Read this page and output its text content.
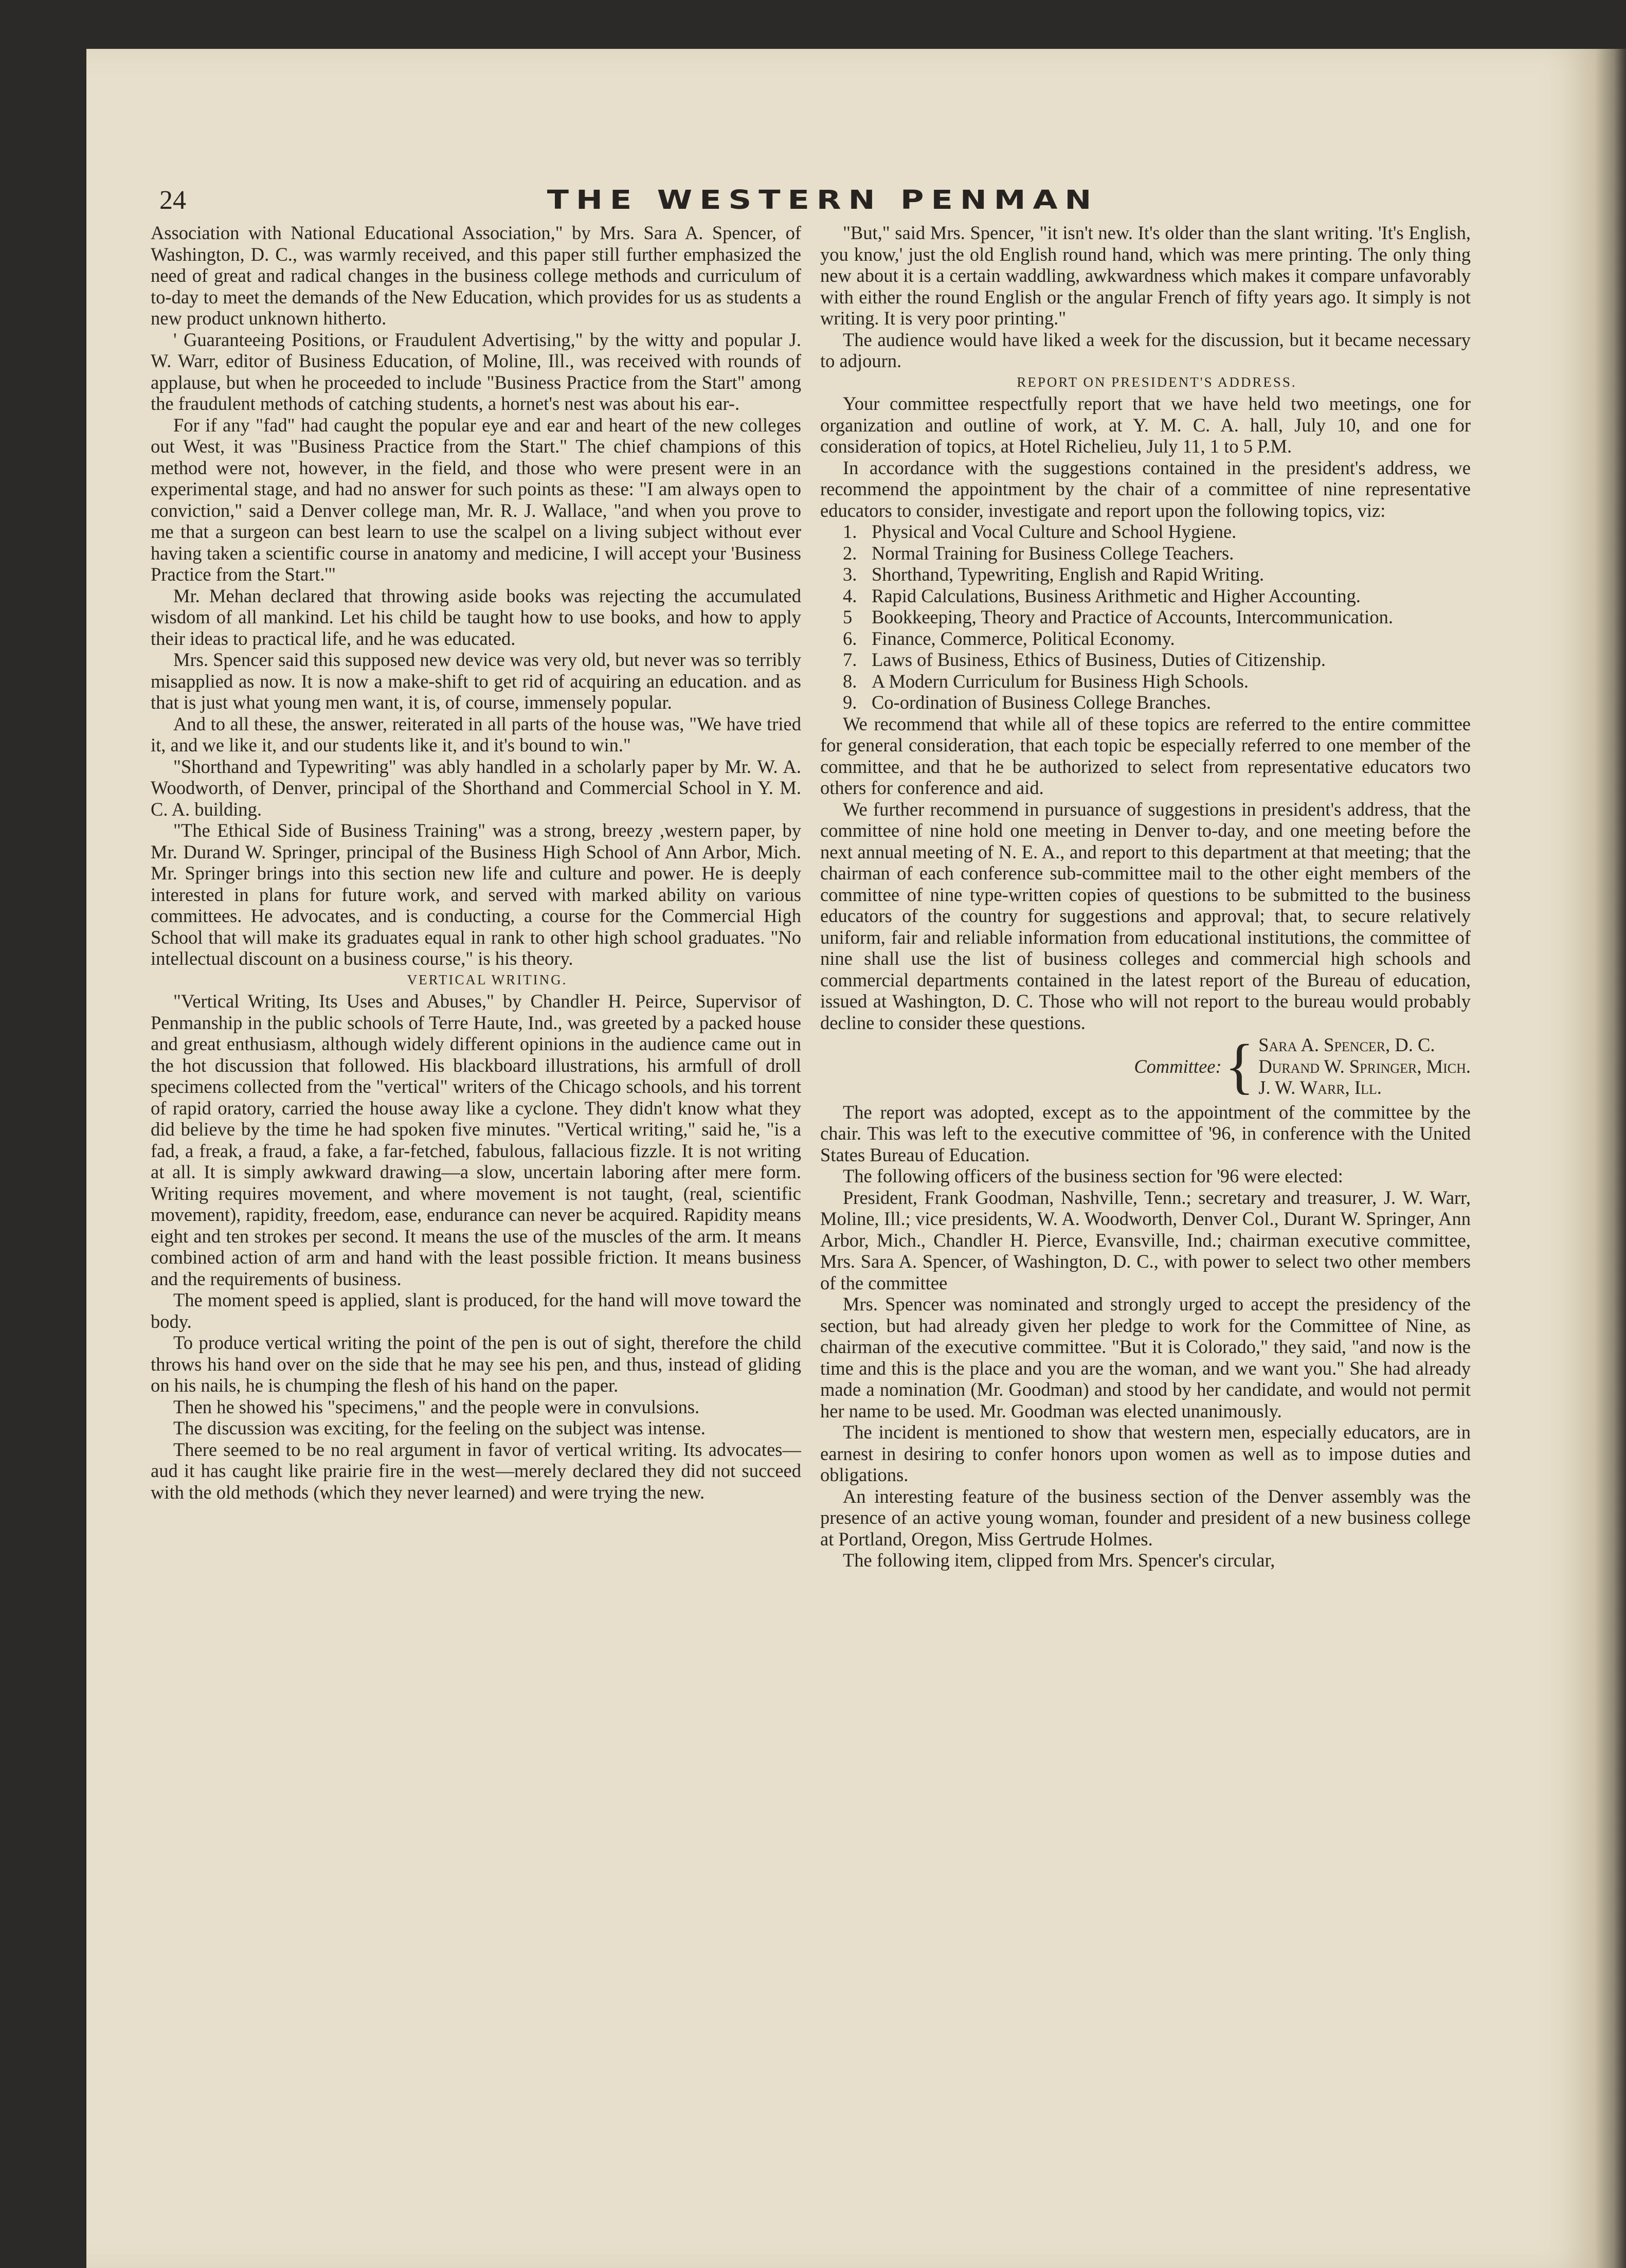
24	THE WESTERN PENMAN

Association with National Educational Association," by Mrs. Sara A. Spencer, of Washington, D. C., was warmly received, and this paper still further emphasized the need of great and radical changes in the business college methods and curriculum of to-day to meet the demands of the New Education, which provides for us as students a new product unknown hitherto.

' Guaranteeing Positions, or Fraudulent Advertising," by the witty and popular J. W. Warr, editor of Business Education, of Moline, Ill., was received with rounds of applause, but when he proceeded to include "Business Practice from the Start" among the fraudulent methods of catching students, a hornet's nest was about his ear-.

For if any "fad" had caught the popular eye and ear and heart of the new colleges out West, it was "Business Practice from the Start." The chief champions of this method were not, however, in the field, and those who were present were in an experimental stage, and had no answer for such points as these: "I am always open to conviction," said a Denver college man, Mr. R. J. Wallace, "and when you prove to me that a surgeon can best learn to use the scalpel on a living subject without ever having taken a scientific course in anatomy and medicine, I will accept your 'Business Practice from the Start.'"

Mr. Mehan declared that throwing aside books was rejecting the accumulated wisdom of all mankind. Let his child be taught how to use books, and how to apply their ideas to practical life, and he was educated.

Mrs. Spencer said this supposed new device was very old, but never was so terribly misapplied as now. It is now a make-shift to get rid of acquiring an education. and as that is just what young men want, it is, of course, immensely popular.

And to all these, the answer, reiterated in all parts of the house was, "We have tried it, and we like it, and our students like it, and it's bound to win."

"Shorthand and Typewriting" was ably handled in a scholarly paper by Mr. W. A. Woodworth, of Denver, principal of the Shorthand and Commercial School in Y. M. C. A. building.

"The Ethical Side of Business Training" was a strong, breezy ,western paper, by Mr. Durand W. Springer, principal of the Business High School of Ann Arbor, Mich. Mr. Springer brings into this section new life and culture and power. He is deeply interested in plans for future work, and served with marked ability on various committees. He advocates, and is conducting, a course for the Commercial High School that will make its graduates equal in rank to other high school graduates. "No intellectual discount on a business course," is his theory.

VERTICAL WRITING.

"Vertical Writing, Its Uses and Abuses," by Chandler H. Peirce, Supervisor of Penmanship in the public schools of Terre Haute, Ind., was greeted by a packed house and great enthusiasm, although widely different opinions in the audience came out in the hot discussion that followed. His blackboard illustrations, his armfull of droll specimens collected from the "vertical" writers of the Chicago schools, and his torrent of rapid oratory, carried the house away like a cyclone. They didn't know what they did believe by the time he had spoken five minutes. "Vertical writing," said he, "is a fad, a freak, a fraud, a fake, a far-fetched, fabulous, fallacious fizzle. It is not writing at all. It is simply awkward drawing—a slow, uncertain laboring after mere form. Writing requires movement, and where movement is not taught, (real, scientific movement), rapidity, freedom, ease, endurance can never be acquired. Rapidity means eight and ten strokes per second. It means the use of the muscles of the arm. It means combined action of arm and hand with the least possible friction. It means business and the requirements of business.

The moment speed is applied, slant is produced, for the hand will move toward the body.

To produce vertical writing the point of the pen is out of sight, therefore the child throws his hand over on the side that he may see his pen, and thus, instead of gliding on his nails, he is chumping the flesh of his hand on the paper.

Then he showed his "specimens," and the people were in convulsions.

The discussion was exciting, for the feeling on the subject was intense.

There seemed to be no real argument in favor of vertical writing. Its advocates—aud it has caught like prairie fire in the west—merely declared they did not succeed with the old methods (which they never learned) and were trying the new.

"But," said Mrs. Spencer, "it isn't new. It's older than the slant writing. 'It's English, you know,' just the old English round hand, which was mere printing. The only thing new about it is a certain waddling, awkwardness which makes it compare unfavorably with either the round English or the angular French of fifty years ago. It simply is not writing. It is very poor printing."

The audience would have liked a week for the discussion, but it became necessary to adjourn.

REPORT ON PRESIDENT'S ADDRESS.

Your committee respectfully report that we have held two meetings, one for organization and outline of work, at Y. M. C. A. hall, July 10, and one for consideration of topics, at Hotel Richelieu, July 11, 1 to 5 P.M.

In accordance with the suggestions contained in the president's address, we recommend the appointment by the chair of a committee of nine representative educators to consider, investigate and report upon the following topics, viz:

1. Physical and Vocal Culture and School Hygiene.
2. Normal Training for Business College Teachers.
3. Shorthand, Typewriting, English and Rapid Writing.
4. Rapid Calculations, Business Arithmetic and Higher Accounting.
5 Bookkeeping, Theory and Practice of Accounts, Intercommunication.
6. Finance, Commerce, Political Economy.
7. Laws of Business, Ethics of Business, Duties of Citizenship.
8. A Modern Curriculum for Business High Schools.
9. Co-ordination of Business College Branches.

We recommend that while all of these topics are referred to the entire committee for general consideration, that each topic be especially referred to one member of the committee, and that he be authorized to select from representative educators two others for conference and aid.

We further recommend in pursuance of suggestions in president's address, that the committee of nine hold one meeting in Denver to-day, and one meeting before the next annual meeting of N. E. A., and report to this department at that meeting; that the chairman of each conference sub-committee mail to the other eight members of the committee of nine type-written copies of questions to be submitted to the business educators of the country for suggestions and approval; that, to secure relatively uniform, fair and reliable information from educational institutions, the committee of nine shall use the list of business colleges and commercial high schools and commercial departments contained in the latest report of the Bureau of education, issued at Washington, D. C. Those who will not report to the bureau would probably decline to consider these questions.

Committee: { Sara A. Spencer, D. C.
Durand W. Springer, Mich.
J. W. Warr, Ill.

The report was adopted, except as to the appointment of the committee by the chair. This was left to the executive committee of '96, in conference with the United States Bureau of Education.

The following officers of the business section for '96 were elected:

President, Frank Goodman, Nashville, Tenn.; secretary and treasurer, J. W. Warr, Moline, Ill.; vice presidents, W. A. Woodworth, Denver Col., Durant W. Springer, Ann Arbor, Mich., Chandler H. Pierce, Evansville, Ind.; chairman executive committee, Mrs. Sara A. Spencer, of Washington, D. C., with power to select two other members of the committee

Mrs. Spencer was nominated and strongly urged to accept the presidency of the section, but had already given her pledge to work for the Committee of Nine, as chairman of the executive committee. "But it is Colorado," they said, "and now is the time and this is the place and you are the woman, and we want you." She had already made a nomination (Mr. Goodman) and stood by her candidate, and would not permit her name to be used. Mr. Goodman was elected unanimously.

The incident is mentioned to show that western men, especially educators, are in earnest in desiring to confer honors upon women as well as to impose duties and obligations.

An interesting feature of the business section of the Denver assembly was the presence of an active young woman, founder and president of a new business college at Portland, Oregon, Miss Gertrude Holmes.

The following item, clipped from Mrs. Spencer's circular,
